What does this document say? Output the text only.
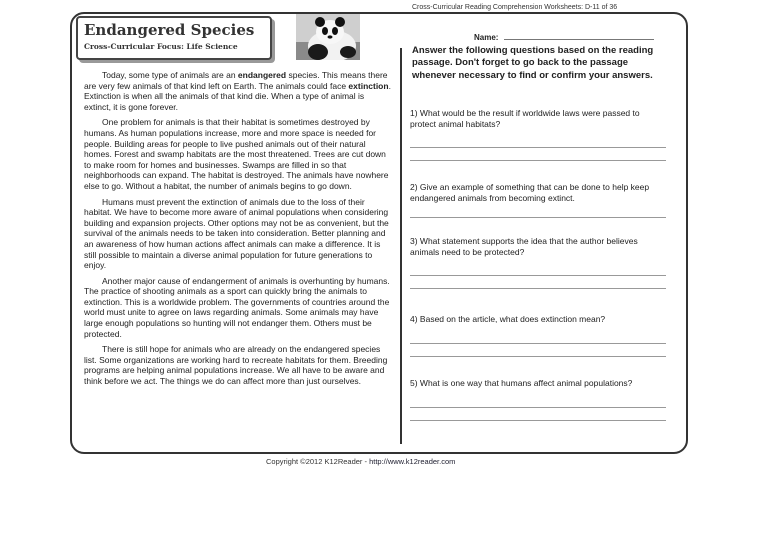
Cross-Curricular Reading Comprehension Worksheets: D-11 of 36
Endangered Species
Cross-Curricular Focus: Life Science

Today, some type of animals are an endangered species. This means there are very few animals of that kind left on Earth. The animals could face extinction. Extinction is when all the animals of that kind die. When a type of animal is extinct, it is gone forever.

One problem for animals is that their habitat is sometimes destroyed by humans. As human populations increase, more and more space is needed for people. Building areas for people to live pushed animals out of their natural homes. Forest and swamp habitats are the most threatened. Trees are cut down to make room for homes and businesses. Swamps are filled in so that neighborhoods can expand. The habitat is destroyed. The animals have nowhere else to go. Without a habitat, the number of animals begins to go down.

Humans must prevent the extinction of animals due to the loss of their habitat. We have to become more aware of animal populations when considering building and expansion projects. Other options may not be as convenient, but the survival of the animals needs to be taken into consideration. Better planning and an awareness of how human actions affect animals can make a difference. It is still possible to maintain a diverse animal population for future generations to enjoy.

Another major cause of endangerment of animals is overhunting by humans. The practice of shooting animals as a sport can quickly bring the animals to extinction. This is a worldwide problem. The governments of countries around the world must unite to agree on laws regarding animals. Some animals may have large enough populations so hunting will not endanger them. Others must be protected.

There is still hope for animals who are already on the endangered species list. Some organizations are working hard to recreate habitats for them. Breeding programs are helping animal populations increase. We all have to be aware and think before we act. The things we do can affect more than just ourselves.

Name:
Answer the following questions based on the reading passage. Don't forget to go back to the passage whenever necessary to find or confirm your answers.
1) What would be the result if worldwide laws were passed to protect animal habitats?
2) Give an example of something that can be done to help keep endangered animals from becoming extinct.
3) What statement supports the idea that the author believes animals need to be protected?
4) Based on the article, what does extinction mean?
5) What is one way that humans affect animal populations?
Copyright ©2012 K12Reader - http://www.k12reader.com
